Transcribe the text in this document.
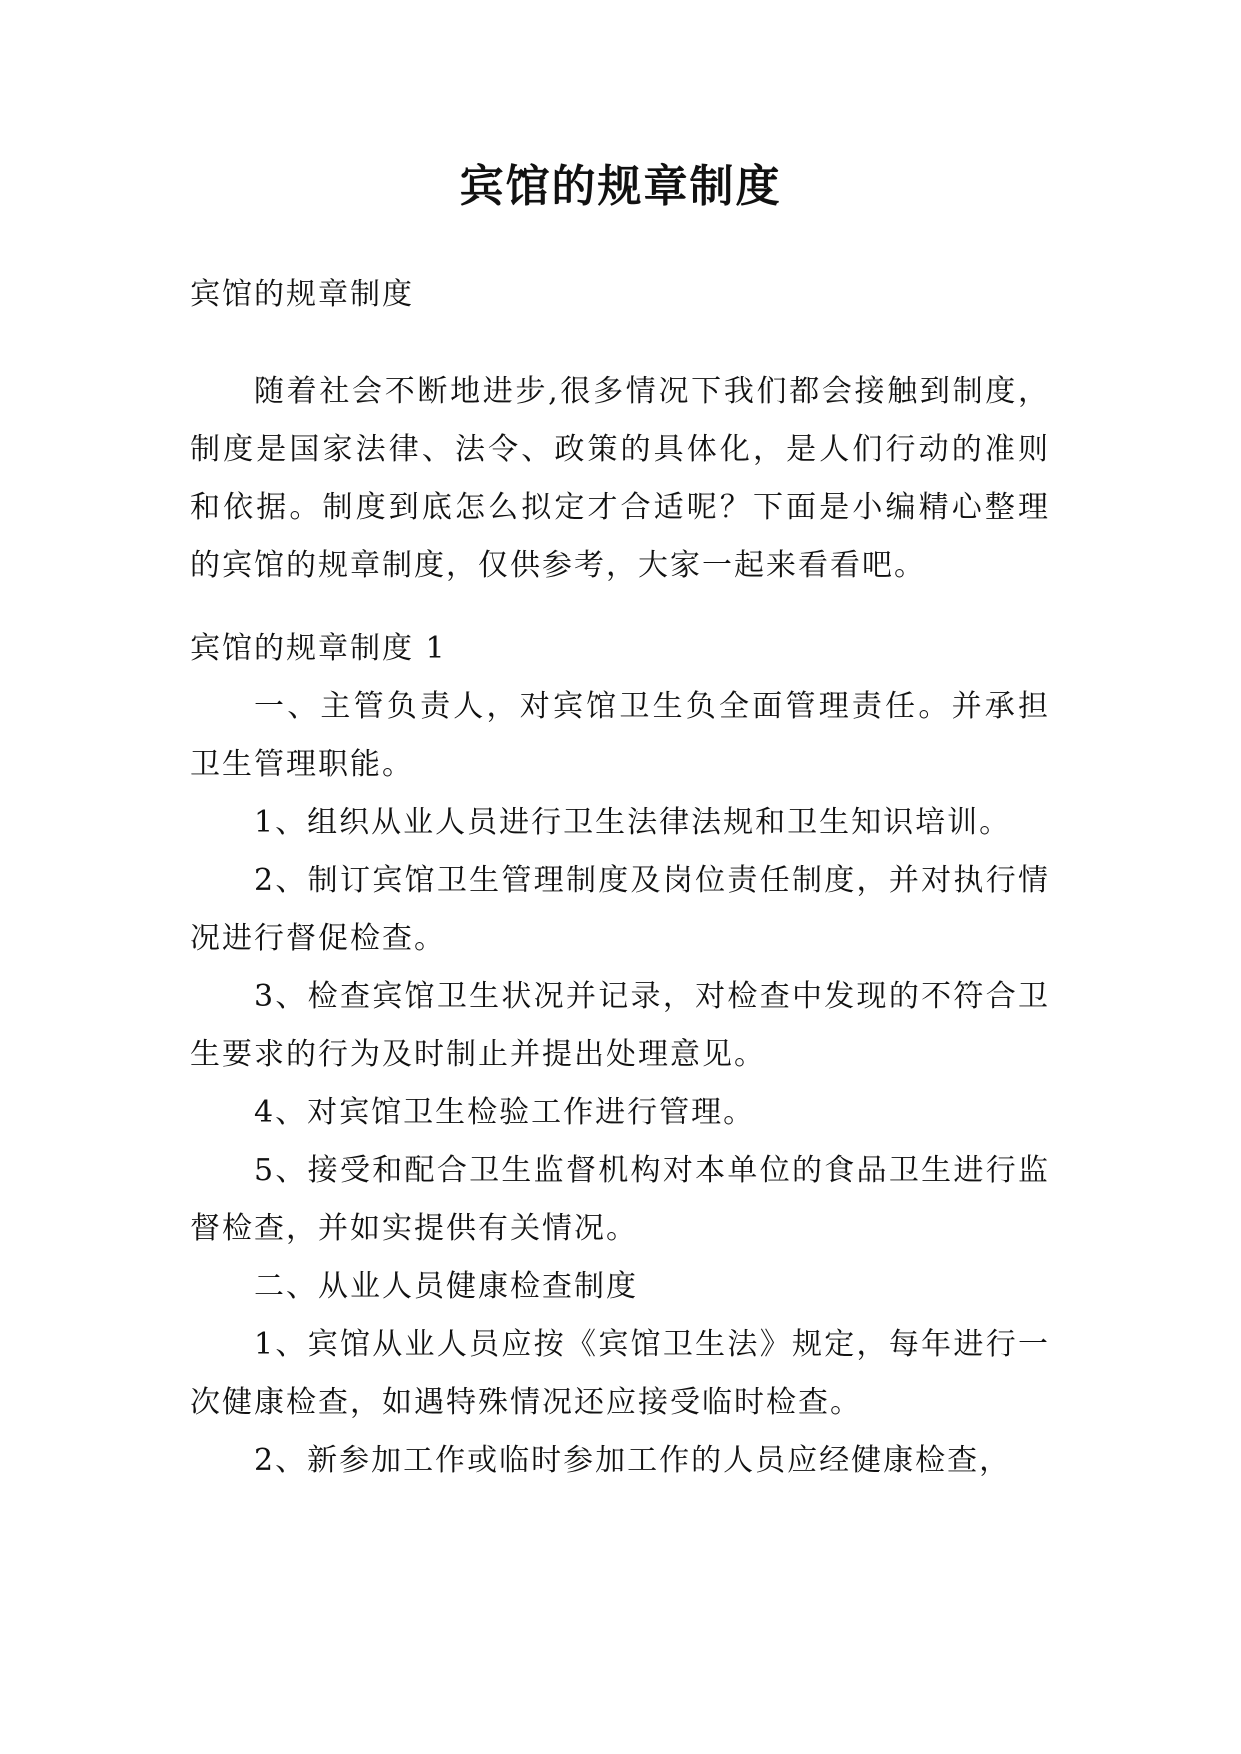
宾馆的规章制度

宾馆的规章制度

随着社会不断地进步,很多情况下我们都会接触到制度，制度是国家法律、法令、政策的具体化，是人们行动的准则和依据。制度到底怎么拟定才合适呢？下面是小编精心整理的宾馆的规章制度，仅供参考，大家一起来看看吧。

宾馆的规章制度 1

一、主管负责人，对宾馆卫生负全面管理责任。并承担卫生管理职能。

1、组织从业人员进行卫生法律法规和卫生知识培训。

2、制订宾馆卫生管理制度及岗位责任制度，并对执行情况进行督促检查。

3、检查宾馆卫生状况并记录，对检查中发现的不符合卫生要求的行为及时制止并提出处理意见。

4、对宾馆卫生检验工作进行管理。

5、接受和配合卫生监督机构对本单位的食品卫生进行监督检查，并如实提供有关情况。

二、从业人员健康检查制度

1、宾馆从业人员应按《宾馆卫生法》规定，每年进行一次健康检查，如遇特殊情况还应接受临时检查。

2、新参加工作或临时参加工作的人员应经健康检查，
